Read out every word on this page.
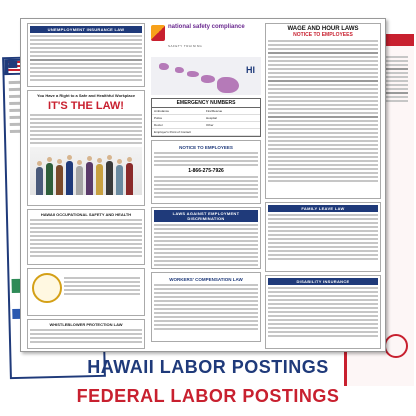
UNEMPLOYMENT INSURANCE LAW
You Have a Right to a Safe and Healthful Workplace
IT'S THE LAW!
HAWAII OCCUPATIONAL SAFETY AND HEALTH
WHISTLEBLOWER PROTECTION LAW
national safety compliance
SAFETY TRAINING
HI
EMERGENCY NUMBERS
Ambulance	Fire/Rescue
Police	Hospital
Doctor	Other
Employer's Point of Contact
NOTICE TO EMPLOYEES
1-866-275-7926
LAWS AGAINST EMPLOYMENT DISCRIMINATION
WORKERS' COMPENSATION LAW
WAGE AND HOUR LAWS
NOTICE TO EMPLOYEES
FAMILY LEAVE LAW
DISABILITY INSURANCE
HAWAII LABOR POSTINGS
FEDERAL LABOR POSTINGS
